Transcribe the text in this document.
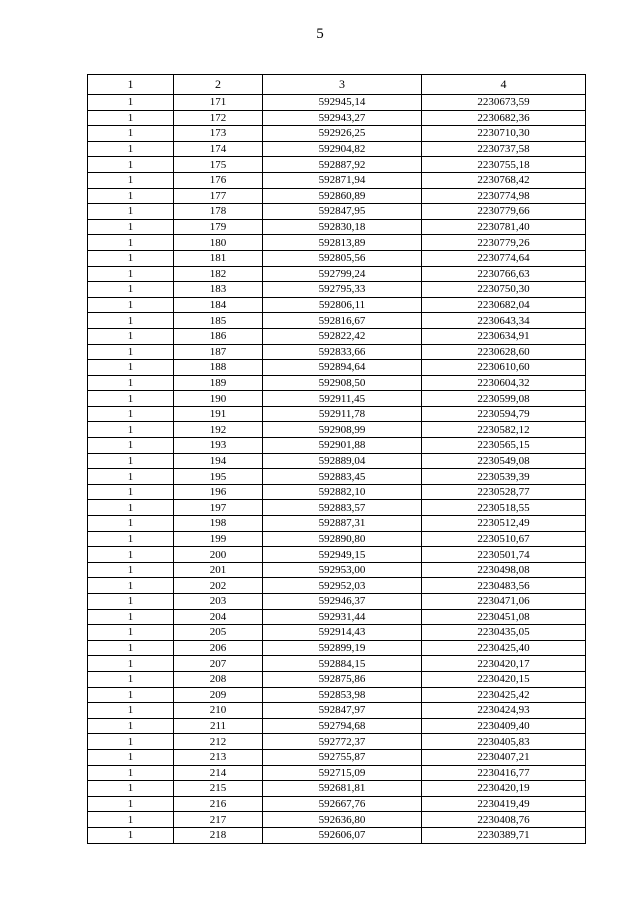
5
1	2	3	4
1	171	592945,14	2230673,59
1	172	592943,27	2230682,36
1	173	592926,25	2230710,30
1	174	592904,82	2230737,58
1	175	592887,92	2230755,18
1	176	592871,94	2230768,42
1	177	592860,89	2230774,98
1	178	592847,95	2230779,66
1	179	592830,18	2230781,40
1	180	592813,89	2230779,26
1	181	592805,56	2230774,64
1	182	592799,24	2230766,63
1	183	592795,33	2230750,30
1	184	592806,11	2230682,04
1	185	592816,67	2230643,34
1	186	592822,42	2230634,91
1	187	592833,66	2230628,60
1	188	592894,64	2230610,60
1	189	592908,50	2230604,32
1	190	592911,45	2230599,08
1	191	592911,78	2230594,79
1	192	592908,99	2230582,12
1	193	592901,88	2230565,15
1	194	592889,04	2230549,08
1	195	592883,45	2230539,39
1	196	592882,10	2230528,77
1	197	592883,57	2230518,55
1	198	592887,31	2230512,49
1	199	592890,80	2230510,67
1	200	592949,15	2230501,74
1	201	592953,00	2230498,08
1	202	592952,03	2230483,56
1	203	592946,37	2230471,06
1	204	592931,44	2230451,08
1	205	592914,43	2230435,05
1	206	592899,19	2230425,40
1	207	592884,15	2230420,17
1	208	592875,86	2230420,15
1	209	592853,98	2230425,42
1	210	592847,97	2230424,93
1	211	592794,68	2230409,40
1	212	592772,37	2230405,83
1	213	592755,87	2230407,21
1	214	592715,09	2230416,77
1	215	592681,81	2230420,19
1	216	592667,76	2230419,49
1	217	592636,80	2230408,76
1	218	592606,07	2230389,71
